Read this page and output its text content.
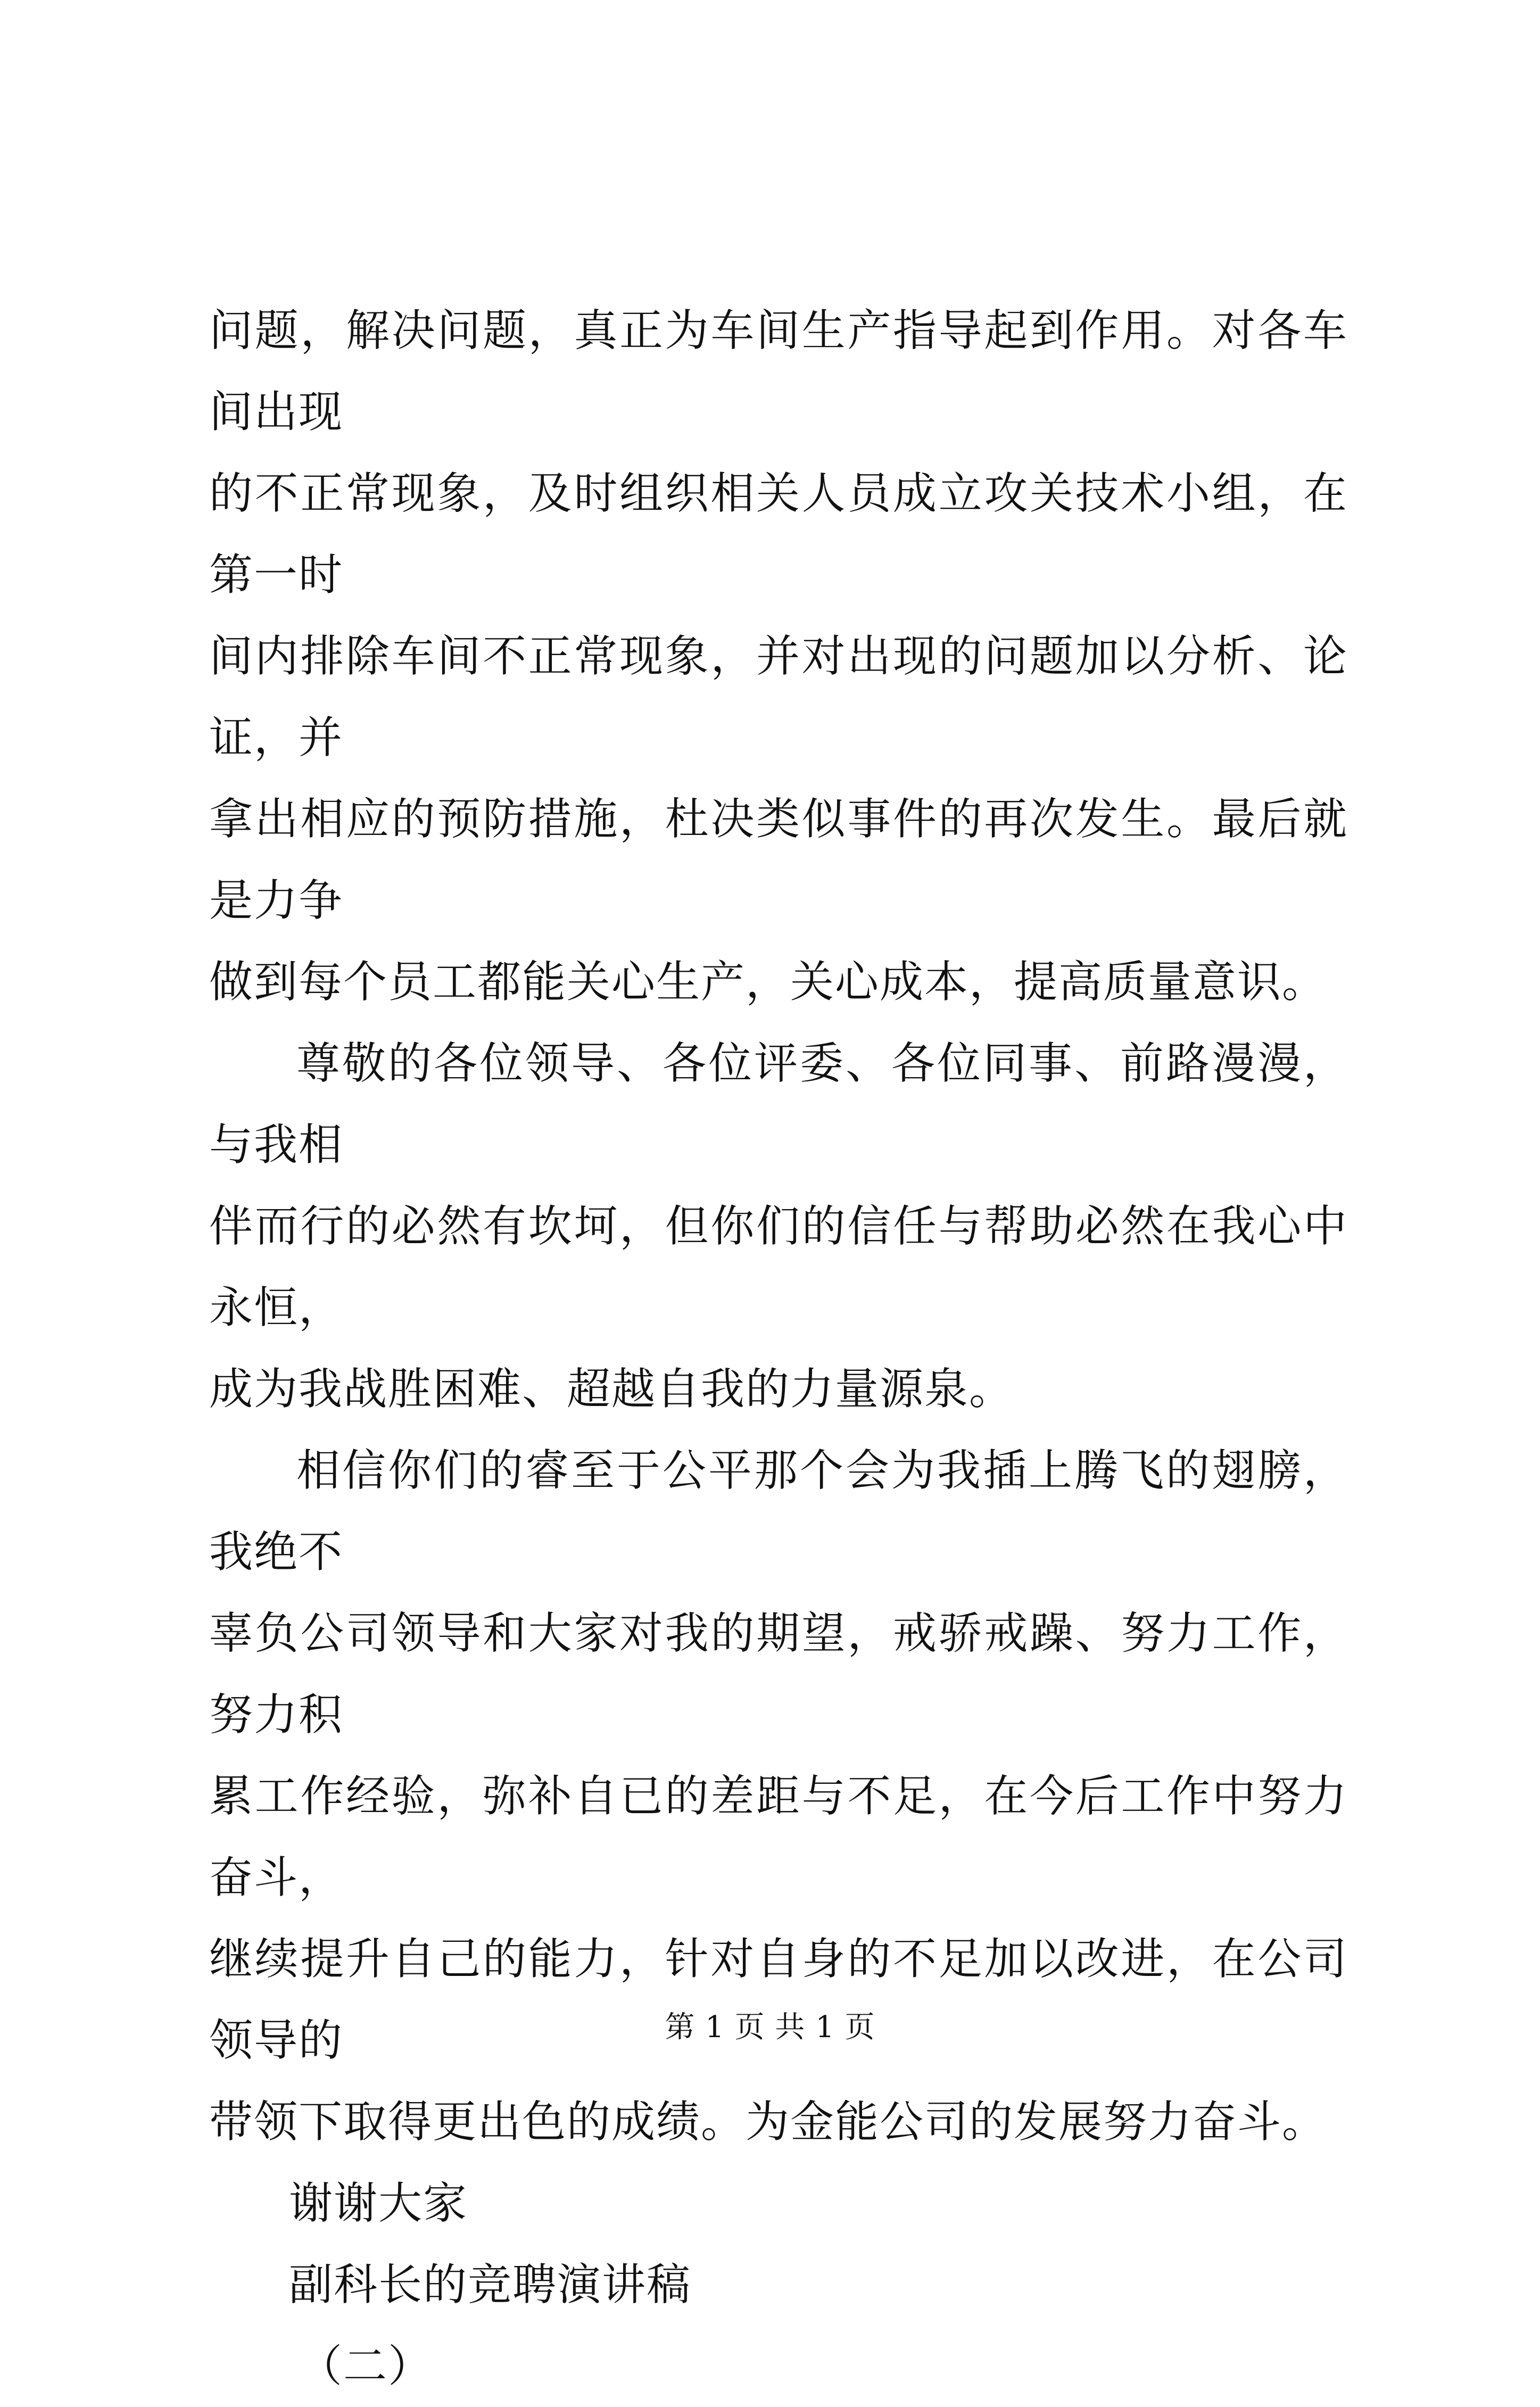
问题，解决问题，真正为车间生产指导起到作用。对各车间出现
的不正常现象，及时组织相关人员成立攻关技术小组，在第一时
间内排除车间不正常现象，并对出现的问题加以分析、论证，并
拿出相应的预防措施，杜决类似事件的再次发生。最后就是力争
做到每个员工都能关心生产，关心成本，提高质量意识。

尊敬的各位领导、各位评委、各位同事、前路漫漫，与我相
伴而行的必然有坎坷，但你们的信任与帮助必然在我心中永恒，
成为我战胜困难、超越自我的力量源泉。

相信你们的睿至于公平那个会为我插上腾飞的翅膀，我绝不
辜负公司领导和大家对我的期望，戒骄戒躁、努力工作，努力积
累工作经验，弥补自已的差距与不足，在今后工作中努力奋斗，
继续提升自己的能力，针对自身的不足加以改进，在公司领导的
带领下取得更出色的成绩。为金能公司的发展努力奋斗。

谢谢大家

副科长的竞聘演讲稿

（二）

第 1 页 共 1 页
